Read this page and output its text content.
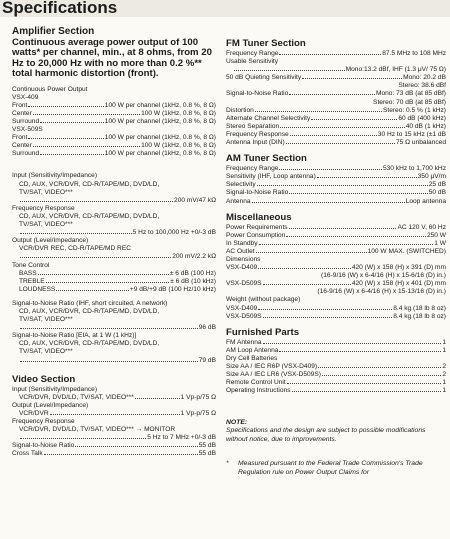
Specifications
Amplifier Section
Continuous average power output of 100 watts* per channel, min., at 8 ohms, from 20 Hz to 20,000 Hz with no more than 0.2 %** total harmonic distortion (front).
Continuous Power Output
VSX-409
Front	100 W per channel (1kHz, 0.8 %, 8 Ω)
Center	100 W (1kHz, 0.8 %, 8 Ω)
Surround	100 W per channel (1kHz, 0.8 %, 8 Ω)
VSX-509S
Front	100 W per channel (1kHz, 0.8 %, 8 Ω)
Center	100 W (1kHz, 0.8 %, 8 Ω)
Surround	100 W per channel (1kHz, 0.8 %, 8 Ω)
Input (Sensitivity/Impedance)
CD, AUX, VCR/DVR, CD-R/TAPE/MD, DVD/LD,
TV/SAT, VIDEO***
200 mV/47 kΩ
Frequency Response
CD, AUX, VCR/DVR, CD-R/TAPE/MD, DVD/LD,
TV/SAT, VIDEO***
5 Hz to 100,000 Hz +0/-3 dB
Output (Level/Impedance)
VCR/DVR REC, CD-R/TAPE/MD REC
200 mV/2.2 kΩ
Tone Control
BASS	± 6 dB (100 Hz)
TREBLE	± 6 dB (10 kHz)
LOUDNESS	+9 dB/+9 dB (100 Hz/10 kHz)
Signal-to-Noise Ratio (IHF, short circuited, A network)
CD, AUX, VCR/DVR, CD-R/TAPE/MD, DVD/LD,
TV/SAT, VIDEO***
96 dB
Signal-to-Noise Ratio [EIA, at 1 W (1 kHz)]
CD, AUX, VCR/DVR, CD-R/TAPE/MD, DVD/LD,
TV/SAT, VIDEO***
79 dB
Video Section
Input (Sensitivity/Impedance)
VCR/DVR, DVD/LD, TV/SAT, VIDEO***	1 Vp-p/75 Ω
Output (Level/Impedance)
VCR/DVR	1 Vp-p/75 Ω
Frequency Response
VCR/DVR, DVD/LD, TV/SAT, VIDEO*** → MONITOR
5 Hz to 7 MHz +0/-3 dB
Signal-to-Noise Ratio	55 dB
Cross Talk	55 dB
FM Tuner Section
Frequency Range	87.5 MHz to 108 MHz
Usable Sensitivity
Mono:13.2 dBf, IHF (1.3 μV/ 75 Ω)
50 dB Quieting Sensitivity	Mono: 20.2 dB
Stereo: 38.6 dBf
Signal-to-Noise Ratio	Mono: 73 dB (at 85 dBf)
Stereo: 70 dB (at 85 dBf)
Distortion	Stereo: 0.5 % (1 kHz)
Alternate Channel Selectivity	60 dB (400 kHz)
Stereo Separation	40 dB (1 kHz)
Frequency Response	30 Hz to 15 kHz (±1 dB
Antenna Input (DIN)	75 Ω unbalanced
AM Tuner Section
Frequency Range	530 kHz to 1,700 kHz
Sensitivity (IHF, Loop antenna)	350 μV/m
Selectivity	25 dB
Signal-to-Noise Ratio	50 dB
Antenna	Loop antenna
Miscellaneous
Power Requirements	AC 120 V, 60 Hz
Power Consumption	250 W
In Standby	1 W
AC Outlet	100 W MAX. (SWITCHED)
Dimensions
VSX-D409	420 (W) x 158 (H) x 391 (D) mm
(16-9/16 (W) x 6-4/16 (H) x 15-6/16 (D) in.)
VSX-D509S	420 (W) x 158 (H) x 401 (D) mm
(16-9/16 (W) x 6-4/16 (H) x 15-13/16 (D) in.)
Weight (without package)
VSX-D409	8.4 kg (18 lb 8 oz)
VSX-D509S	8.4 kg (18 lb 8 oz)
Furnished Parts
FM Antenna	1
AM Loop Antenna	1
Dry Cell Batteries
Size AA / IEC R6P (VSX-D409)	2
Size AA / IEC LR6 (VSX-D509S)	2
Remote Control Unit	1
Operating Instructions	1
NOTE:
Specifications and the design are subject to possible modifications without notice, due to improvements.
*	Measured pursuant to the Federal Trade Commission's Trade Regulation rule on Power Output Claims for
